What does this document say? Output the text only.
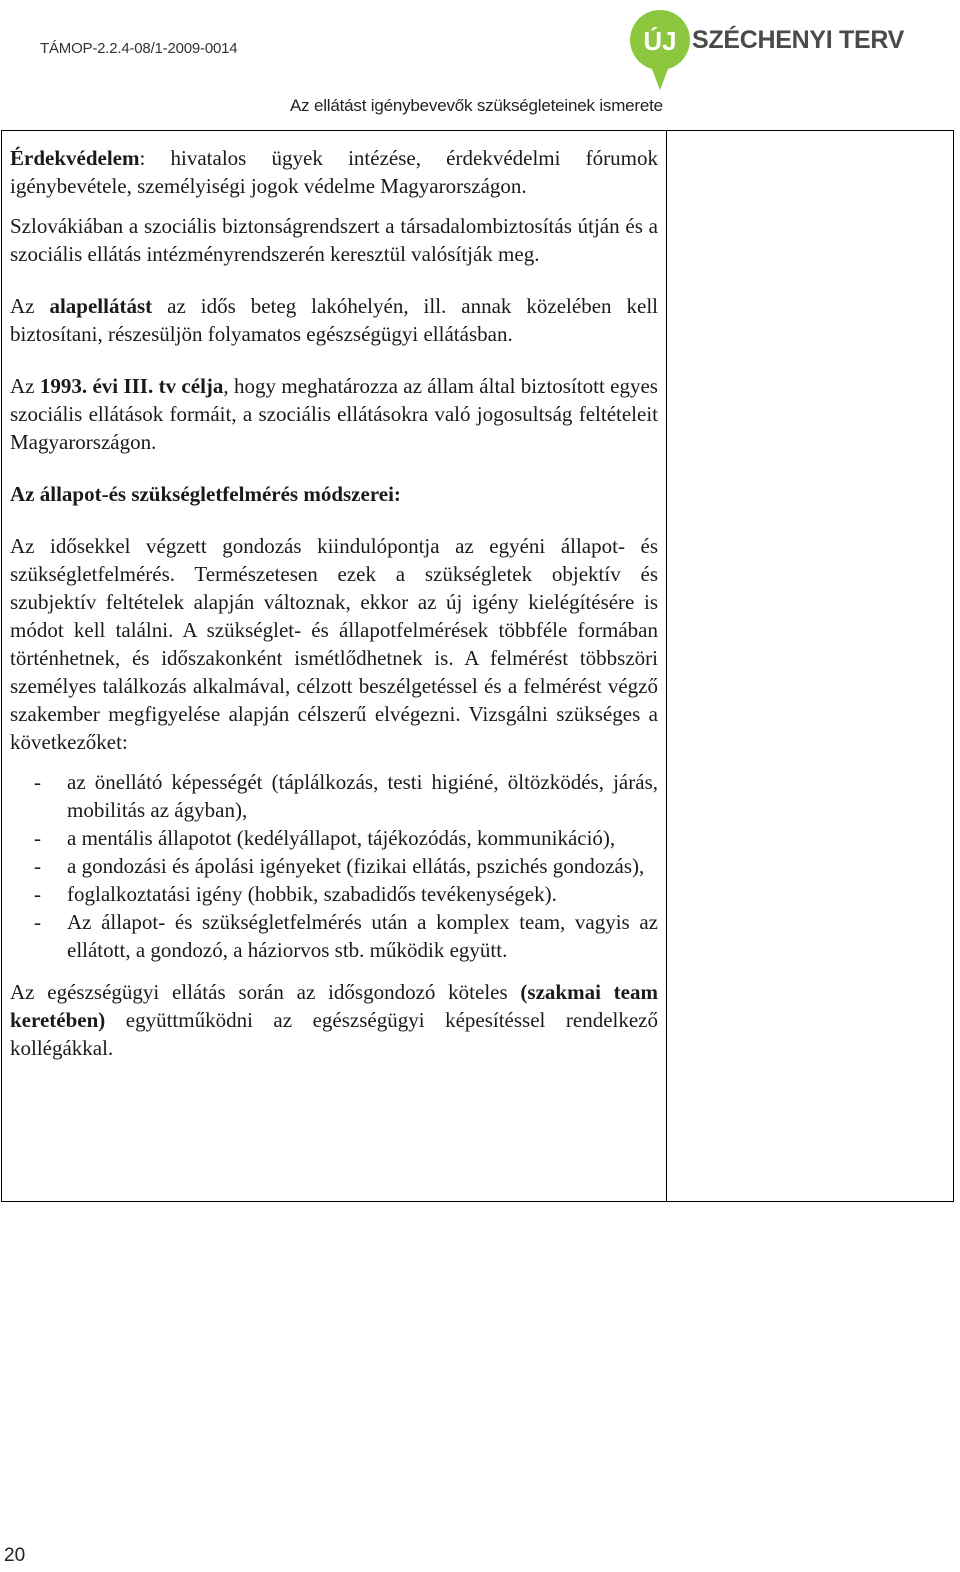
TÁMOP-2.2.4-08/1-2009-0014	ÚJ SZÉCHENYI TERV
Az ellátást igénybevevők szükségleteinek ismerete

Érdekvédelem: hivatalos ügyek intézése, érdekvédelmi fórumok igénybevétele, személyiségi jogok védelme Magyarországon.

Szlovákiában a szociális biztonságrendszert a társadalombiztosítás útján és a szociális ellátás intézményrendszerén keresztül valósítják meg.

Az alapellátást az idős beteg lakóhelyén, ill. annak közelében kell biztosítani, részesüljön folyamatos egészségügyi ellátásban.

Az 1993. évi III. tv célja, hogy meghatározza az állam által biztosított egyes szociális ellátások formáit, a szociális ellátásokra való jogosultság feltételeit Magyarországon.

Az állapot-és szükségletfelmérés módszerei:

Az idősekkel végzett gondozás kiindulópontja az egyéni állapot- és szükségletfelmérés. Természetesen ezek a szükségletek objektív és szubjektív feltételek alapján változnak, ekkor az új igény kielégítésére is módot kell találni. A szükséglet- és állapotfelmérések többféle formában történhetnek, és időszakonként ismétlődhetnek is. A felmérést többszöri személyes találkozás alkalmával, célzott beszélgetéssel és a felmérést végző szakember megfigyelése alapján célszerű elvégezni. Vizsgálni szükséges a következőket:

- az önellátó képességét (táplálkozás, testi higiéné, öltözködés, járás, mobilitás az ágyban),
- a mentális állapotot (kedélyállapot, tájékozódás, kommunikáció),
- a gondozási és ápolási igényeket (fizikai ellátás, pszichés gondozás),
- foglalkoztatási igény (hobbik, szabadidős tevékenységek).
- Az állapot- és szükségletfelmérés után a komplex team, vagyis az ellátott, a gondozó, a háziorvos stb. működik együtt.

Az egészségügyi ellátás során az idősgondozó köteles (szakmai team keretében) együttműködni az egészségügyi képesítéssel rendelkező kollégákkal.

20
